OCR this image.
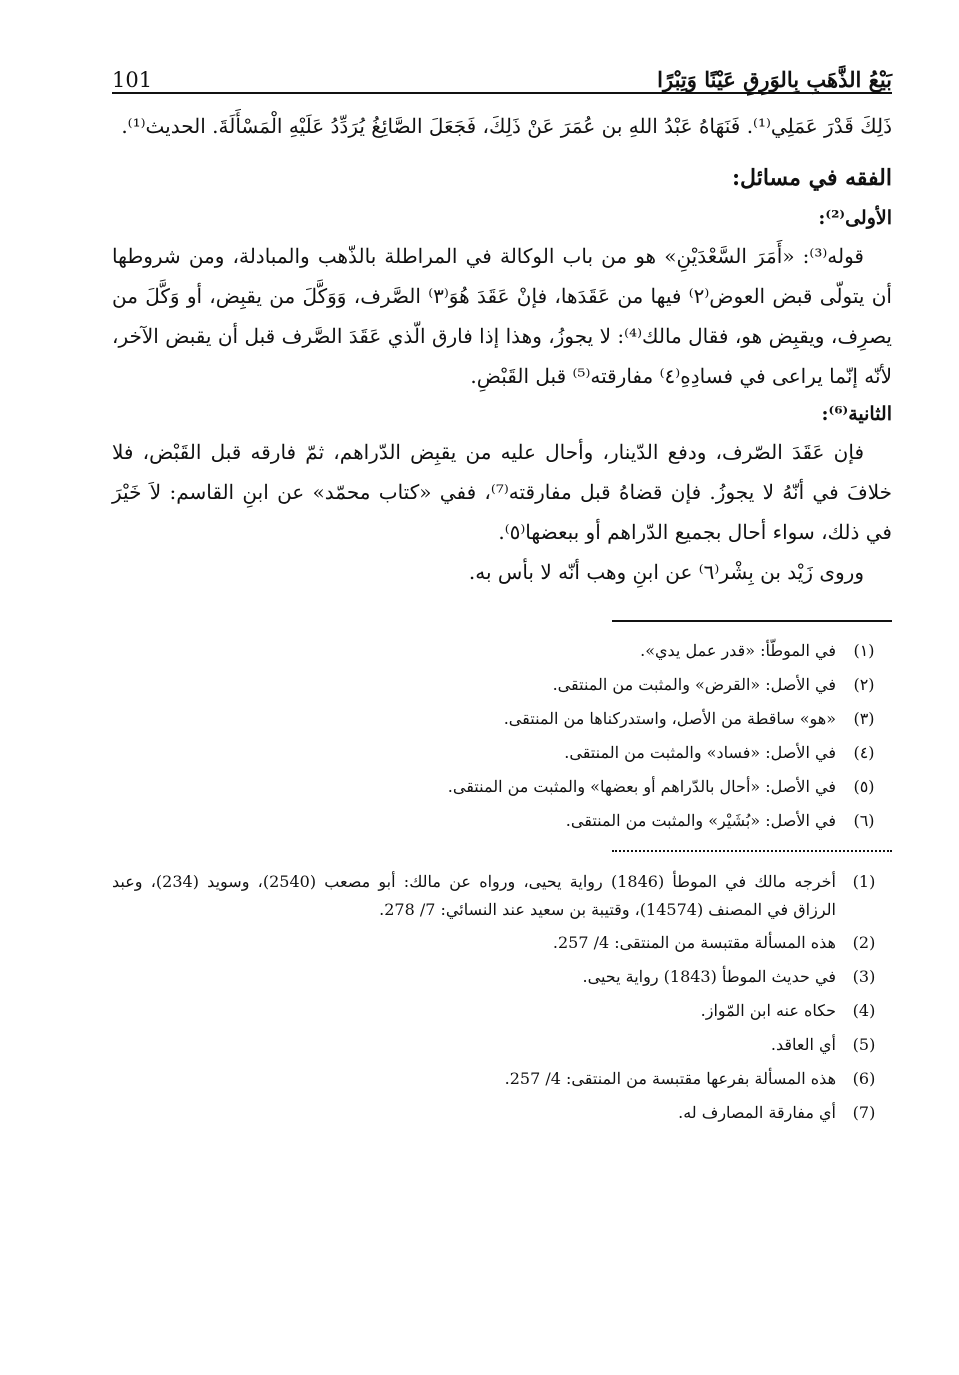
بَيْعُ الذَّهَبِ بِالوَرِقِ عَيْنًا وَتِبْرًا
101

ذَلِكَ قَدْرَ عَمَلِي⁽¹⁾. فَنَهَاهُ عَبْدُ اللهِ بن عُمَرَ عَنْ ذَلِكَ، فَجَعَلَ الصَّائِغُ يُرَدِّدُ عَلَيْهِ الْمَسْأَلَةَ. الحديث⁽¹⁾.

الفقه في مسائل:

الأولى⁽²⁾:

قوله⁽³⁾: «أَمَرَ السَّعْدَيْنِ» هو من باب الوكالة في المراطلة بالذّهب والمبادلة، ومن شروطها أن يتولّى قبض العوض⁽٢⁾ فيها من عَقَدَها، فإنْ عَقَدَ هُوَ⁽٣⁾ الصَّرف، وَوَكَّلَ من يقبِض، أو وَكَّلَ من يصرِف، ويقبِض هو، فقال مالك⁽⁴⁾: لا يجوزُ، وهذا إذا فارق الّذي عَقَدَ الصَّرف قبل أن يقبض الآخر، لأنّه إنّما يراعى في فسادِهِ⁽٤⁾ مفارقته⁽⁵⁾ قبل القَبْضِ.

الثانية⁽⁶⁾:

فإن عَقَدَ الصّرف، ودفع الدّينار، وأحال عليه من يقبِض الدّراهم، ثمّ فارقه قبل القَبْض، فلا خلافَ في أنّهُ لا يجوزُ. فإن قضاهُ قبل مفارقته⁽⁷⁾، ففي «كتاب محمّد» عن ابنِ القاسم: لاَ خَيْرَ في ذلك، سواء أحال بجميع الدّراهم أو ببعضها⁽٥⁾.

وروى زَيْد بن بِشْر⁽٦⁾ عن ابنِ وهب أنّه لا بأس به.

(١)
في الموطّأ: «قدر عمل يدي».
(٢)
في الأصل: «القرض» والمثبت من المنتقى.
(٣)
«هو» ساقطة من الأصل، واستدركناها من المنتقى.
(٤)
في الأصل: «فساد» والمثبت من المنتقى.
(٥)
في الأصل: «أحال بالدّراهم أو بعضها» والمثبت من المنتقى.
(٦)
في الأصل: «بُشَيْر» والمثبت من المنتقى.
(1)
أخرجه مالك في الموطأ (1846) رواية يحيى، ورواه عن مالك: أبو مصعب (2540)، وسويد (234)، وعبد الرزاق في المصنف (14574)، وقتيبة بن سعيد عند النسائي: 7/ 278.
(2)
هذه المسألة مقتبسة من المنتقى: 4/ 257.
(3)
في حديث الموطأ (1843) رواية يحيى.
(4)
حكاه عنه ابن المّواز.
(5)
أي العاقد.
(6)
هذه المسألة بفرعها مقتبسة من المنتقى: 4/ 257.
(7)
أي مفارقة المصارف له.
